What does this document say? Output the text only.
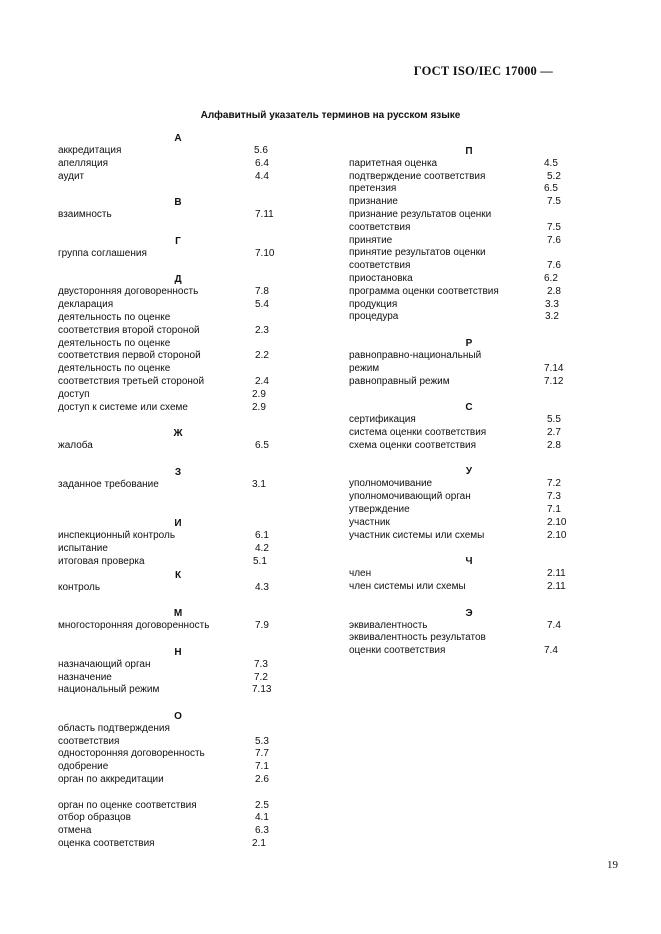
ГОСТ ISO/IEC 17000 —
Алфавитный указатель терминов на русском языке
А
аккредитация	5.6
апелляция	6.4
аудит	4.4
В
взаимность	7.11
Г
группа соглашения	7.10
Д
двусторонняя договоренность	7.8
декларация	5.4
деятельность по оценке
соответствия второй стороной	2.3
деятельность по оценке
соответствия первой стороной	2.2
деятельность по оценке
соответствия третьей стороной	2.4
доступ	2.9
доступ к системе или схеме	2.9
Ж
жалоба	6.5
З
заданное требование	3.1
И
инспекционный контроль	6.1
испытание	4.2
итоговая проверка	5.1
К
контроль	4.3
М
многосторонняя договоренность	7.9
Н
назначающий орган	7.3
назначение	7.2
национальный режим	7.13
О
область подтверждения
соответствия	5.3
односторонняя договоренность	7.7
одобрение	7.1
орган по аккредитации	2.6
орган по оценке соответствия	2.5
отбор образцов	4.1
отмена	6.3
оценка соответствия	2.1
П
паритетная оценка	4.5
подтверждение соответствия	5.2
претензия	6.5
признание	7.5
признание результатов оценки
соответствия	7.5
принятие	7.6
принятие результатов оценки
соответствия	7.6
приостановка	6.2
программа оценки соответствия	2.8
продукция	3.3
процедура	3.2
Р
равноправно-национальный
режим	7.14
равноправный режим	7.12
С
сертификация	5.5
система оценки соответствия	2.7
схема оценки соответствия	2.8
У
уполномочивание	7.2
уполномочивающий орган	7.3
утверждение	7.1
участник	2.10
участник системы или схемы	2.10
Ч
член	2.11
член системы или схемы	2.11
Э
эквивалентность	7.4
эквивалентность результатов
оценки соответствия	7.4
19
